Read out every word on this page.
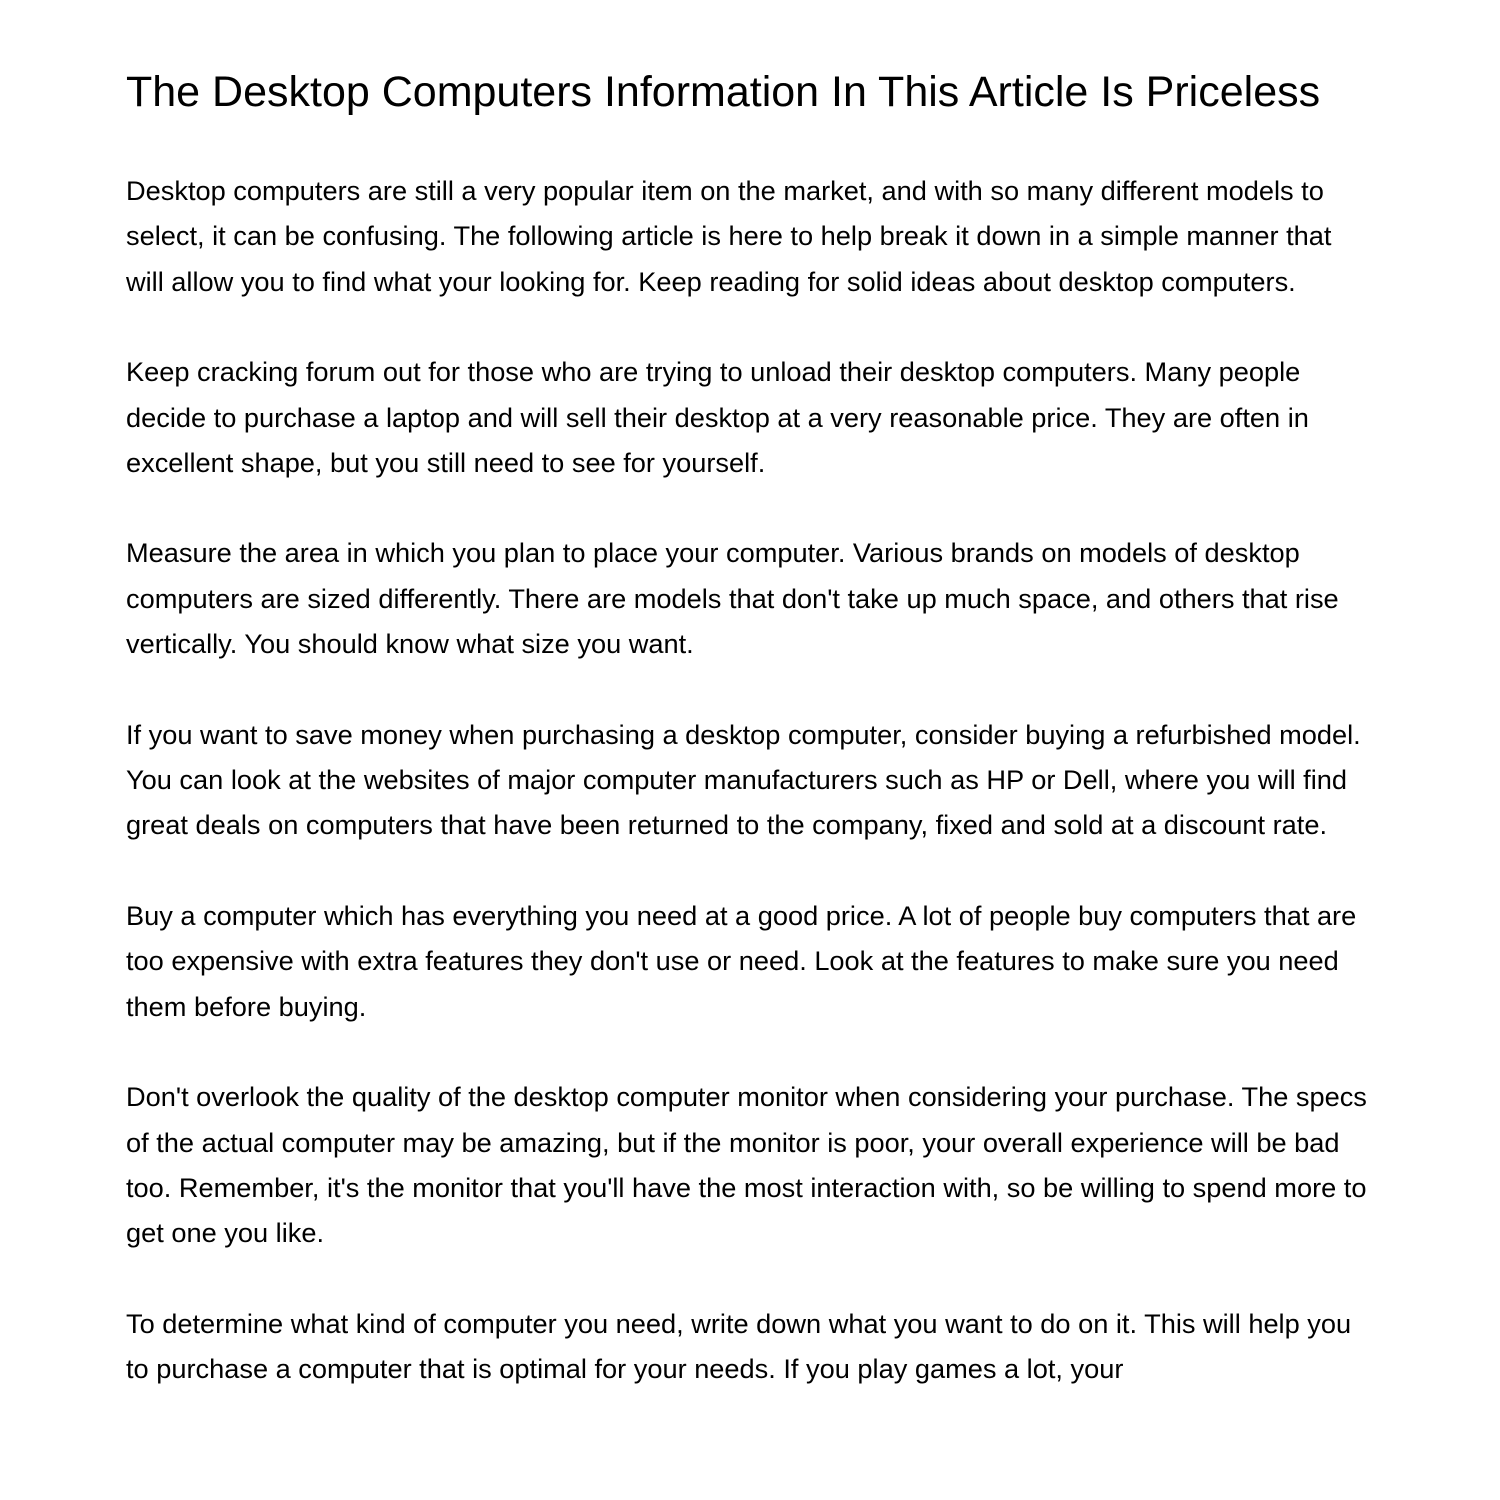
The Desktop Computers Information In This Article Is Priceless

Desktop computers are still a very popular item on the market, and with so many different models to select, it can be confusing. The following article is here to help break it down in a simple manner that will allow you to find what your looking for. Keep reading for solid ideas about desktop computers.

Keep cracking forum out for those who are trying to unload their desktop computers. Many people decide to purchase a laptop and will sell their desktop at a very reasonable price. They are often in excellent shape, but you still need to see for yourself.

Measure the area in which you plan to place your computer. Various brands on models of desktop computers are sized differently. There are models that don't take up much space, and others that rise vertically. You should know what size you want.

If you want to save money when purchasing a desktop computer, consider buying a refurbished model. You can look at the websites of major computer manufacturers such as HP or Dell, where you will find great deals on computers that have been returned to the company, fixed and sold at a discount rate.

Buy a computer which has everything you need at a good price. A lot of people buy computers that are too expensive with extra features they don't use or need. Look at the features to make sure you need them before buying.

Don't overlook the quality of the desktop computer monitor when considering your purchase. The specs of the actual computer may be amazing, but if the monitor is poor, your overall experience will be bad too. Remember, it's the monitor that you'll have the most interaction with, so be willing to spend more to get one you like.

To determine what kind of computer you need, write down what you want to do on it. This will help you to purchase a computer that is optimal for your needs. If you play games a lot, your
